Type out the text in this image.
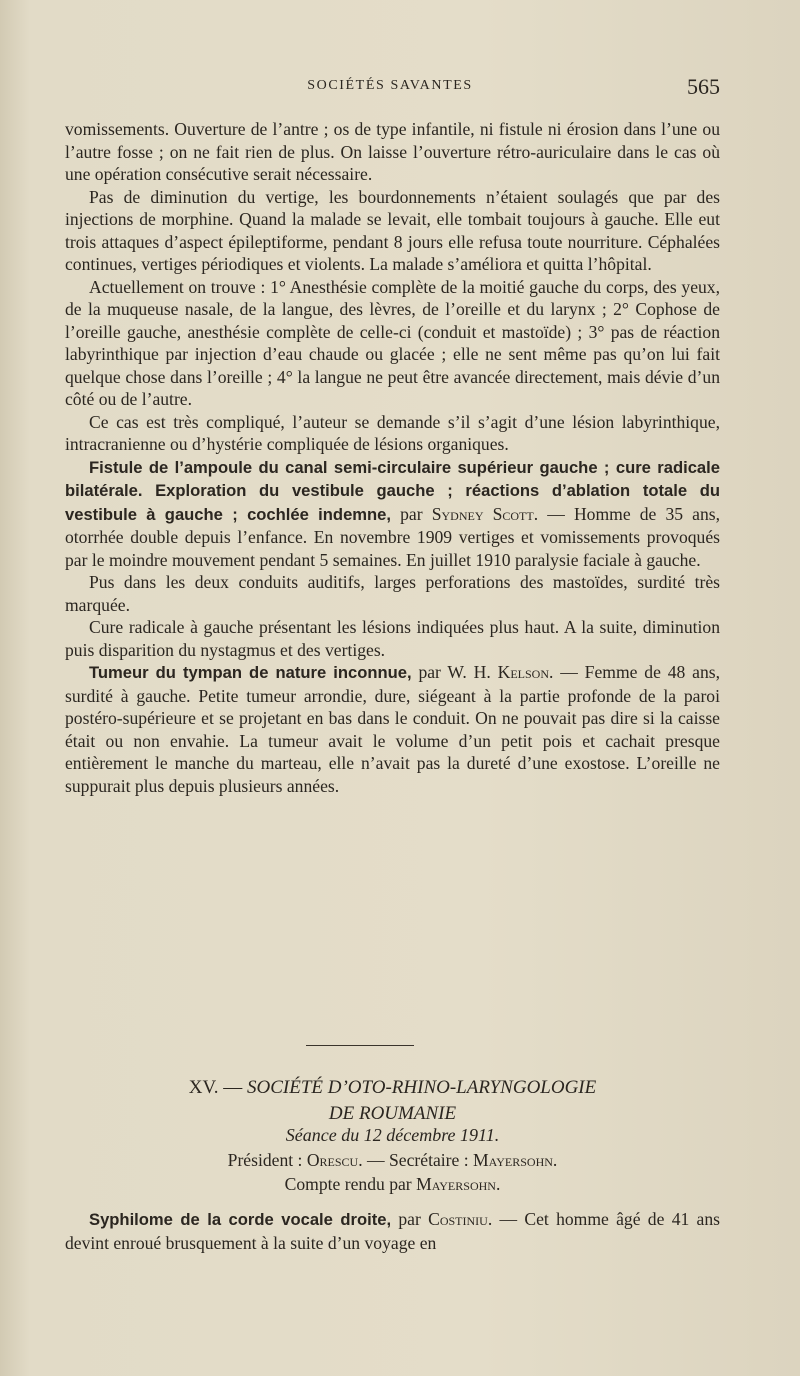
SOCIÉTÉS SAVANTES	565

vomissements. Ouverture de l’antre ; os de type infantile, ni fistule ni érosion dans l’une ou l’autre fosse ; on ne fait rien de plus. On laisse l’ouverture rétro-auriculaire dans le cas où une opération consécutive serait nécessaire.

Pas de diminution du vertige, les bourdonnements n’étaient soulagés que par des injections de morphine. Quand la malade se levait, elle tombait toujours à gauche. Elle eut trois attaques d’aspect épileptiforme, pendant 8 jours elle refusa toute nourriture. Céphalées continues, vertiges périodiques et violents. La malade s’améliora et quitta l’hôpital.

Actuellement on trouve : 1° Anesthésie complète de la moitié gauche du corps, des yeux, de la muqueuse nasale, de la langue, des lèvres, de l’oreille et du larynx ; 2° Cophose de l’oreille gauche, anesthésie complète de celle-ci (conduit et mastoïde) ; 3° pas de réaction labyrinthique par injection d’eau chaude ou glacée ; elle ne sent même pas qu’on lui fait quelque chose dans l’oreille ; 4° la langue ne peut être avancée directement, mais dévie d’un côté ou de l’autre.

Ce cas est très compliqué, l’auteur se demande s’il s’agit d’une lésion labyrinthique, intracranienne ou d’hystérie compliquée de lésions organiques.

Fistule de l’ampoule du canal semi-circulaire supérieur gauche ; cure radicale bilatérale. Exploration du vestibule gauche ; réactions d’ablation totale du vestibule à gauche ; cochlée indemne, par Sydney Scott. — Homme de 35 ans, otorrhée double depuis l’enfance. En novembre 1909 vertiges et vomissements provoqués par le moindre mouvement pendant 5 semaines. En juillet 1910 paralysie faciale à gauche.

Pus dans les deux conduits auditifs, larges perforations des mastoïdes, surdité très marquée.

Cure radicale à gauche présentant les lésions indiquées plus haut. A la suite, diminution puis disparition du nystagmus et des vertiges.

Tumeur du tympan de nature inconnue, par W. H. Kelson. — Femme de 48 ans, surdité à gauche. Petite tumeur arrondie, dure, siégeant à la partie profonde de la paroi postéro-supérieure et se projetant en bas dans le conduit. On ne pouvait pas dire si la caisse était ou non envahie. La tumeur avait le volume d’un petit pois et cachait presque entièrement le manche du marteau, elle n’avait pas la dureté d’une exostose. L’oreille ne suppurait plus depuis plusieurs années.

XV. — SOCIÉTÉ D’OTO-RHINO-LARYNGOLOGIE
DE ROUMANIE
Séance du 12 décembre 1911.
Président : Orescu. — Secrétaire : Mayersohn.
Compte rendu par Mayersohn.

Syphilome de la corde vocale droite, par Costiniu. — Cet homme âgé de 41 ans devint enroué brusquement à la suite d’un voyage en
